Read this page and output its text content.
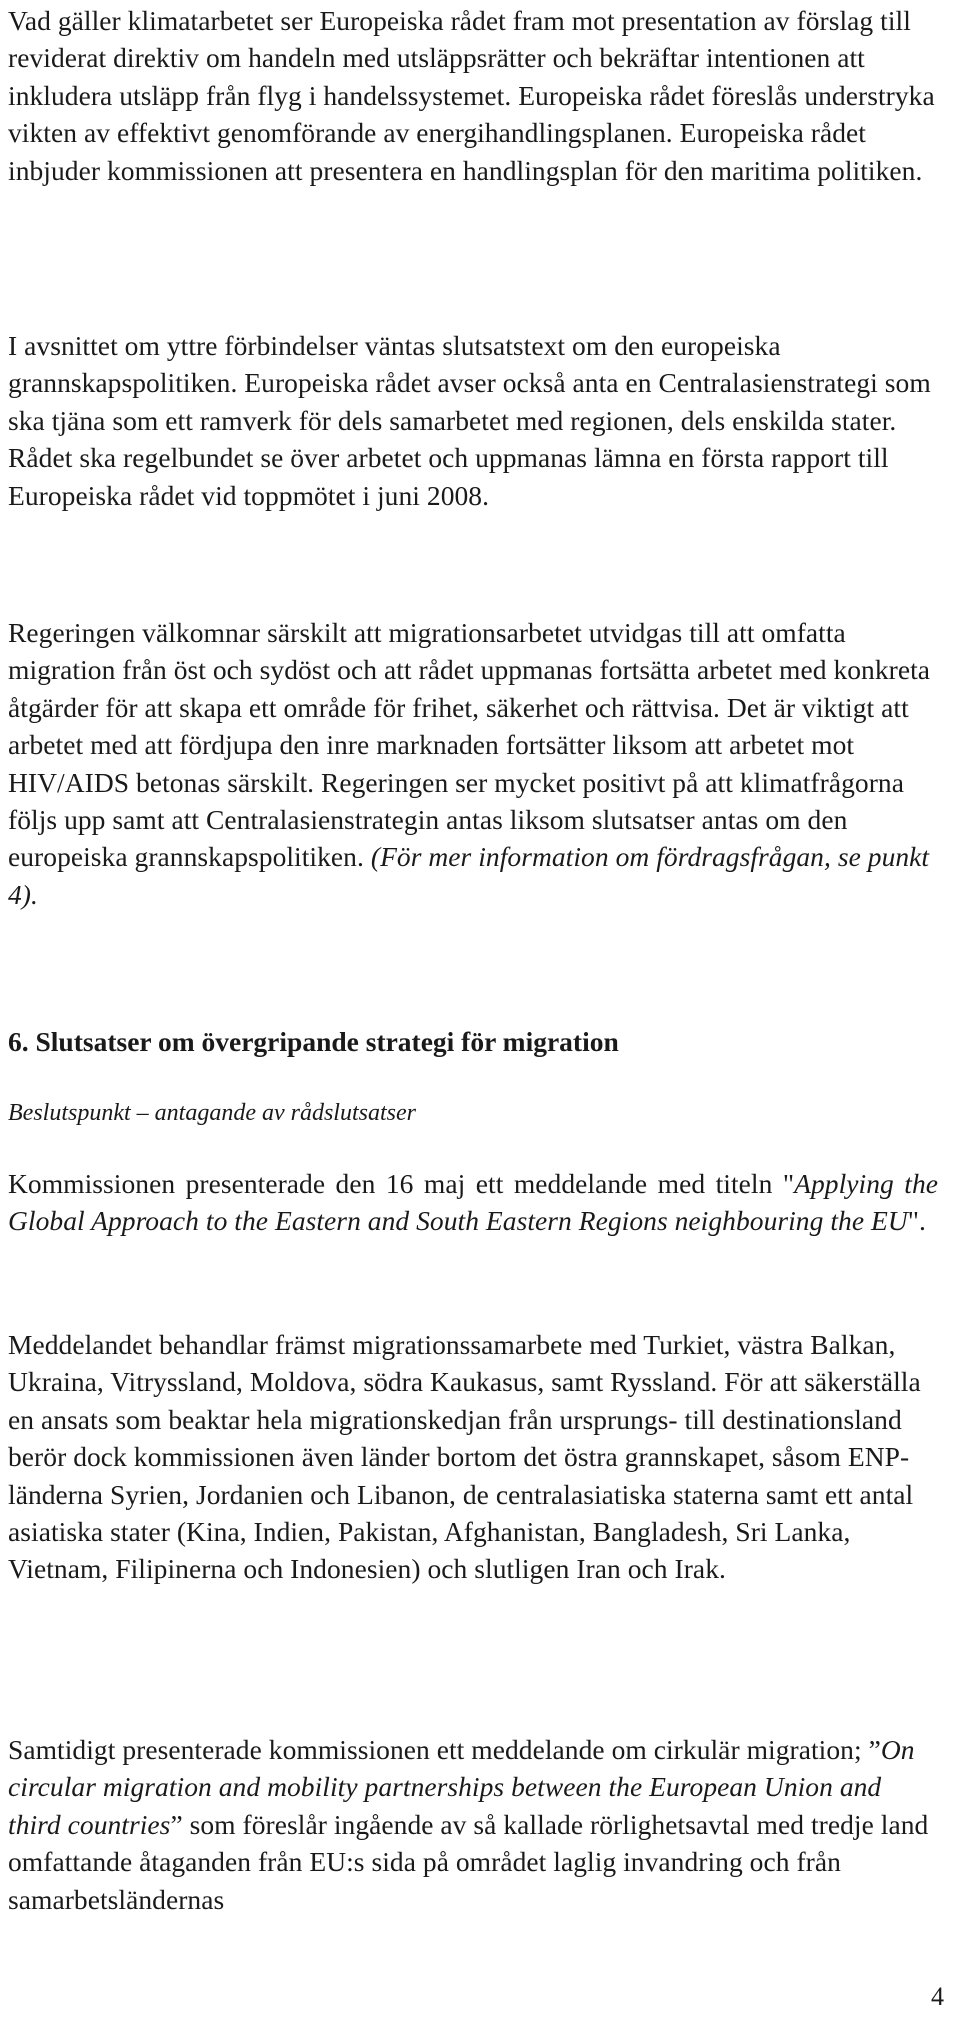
Vad gäller klimatarbetet ser Europeiska rådet fram mot presentation av förslag till reviderat direktiv om handeln med utsläppsrätter och bekräftar intentionen att inkludera utsläpp från flyg i handelssystemet. Europeiska rådet föreslås understryka vikten av effektivt genomförande av energihandlingsplanen. Europeiska rådet inbjuder kommissionen att presentera en handlingsplan för den maritima politiken.

I avsnittet om yttre förbindelser väntas slutsatstext om den europeiska grannskapspolitiken. Europeiska rådet avser också anta en Centralasienstrategi som ska tjäna som ett ramverk för dels samarbetet med regionen, dels enskilda stater. Rådet ska regelbundet se över arbetet och uppmanas lämna en första rapport till Europeiska rådet vid toppmötet i juni 2008.

Regeringen välkomnar särskilt att migrationsarbetet utvidgas till att omfatta migration från öst och sydöst och att rådet uppmanas fortsätta arbetet med konkreta åtgärder för att skapa ett område för frihet, säkerhet och rättvisa. Det är viktigt att arbetet med att fördjupa den inre marknaden fortsätter liksom att arbetet mot HIV/AIDS betonas särskilt. Regeringen ser mycket positivt på att klimatfrågorna följs upp samt att Centralasienstrategin antas liksom slutsatser antas om den europeiska grannskapspolitiken. (För mer information om fördragsfrågan, se punkt 4).

6. Slutsatser om övergripande strategi för migration

Beslutspunkt – antagande av rådslutsatser

Kommissionen presenterade den 16 maj ett meddelande med titeln "Applying the Global Approach to the Eastern and South Eastern Regions neighbouring the EU".

Meddelandet behandlar främst migrationssamarbete med Turkiet, västra Balkan, Ukraina, Vitryssland, Moldova, södra Kaukasus, samt Ryssland. För att säkerställa en ansats som beaktar hela migrationskedjan från ursprungs- till destinationsland berör dock kommissionen även länder bortom det östra grannskapet, såsom ENP-länderna Syrien, Jordanien och Libanon, de centralasiatiska staterna samt ett antal asiatiska stater (Kina, Indien, Pakistan, Afghanistan, Bangladesh, Sri Lanka, Vietnam, Filipinerna och Indonesien) och slutligen Iran och Irak.

Samtidigt presenterade kommissionen ett meddelande om cirkulär migration; ”On circular migration and mobility partnerships between the European Union and third countries” som föreslår ingående av så kallade rörlighetsavtal med tredje land omfattande åtaganden från EU:s sida på området laglig invandring och från samarbetsländernas

4
